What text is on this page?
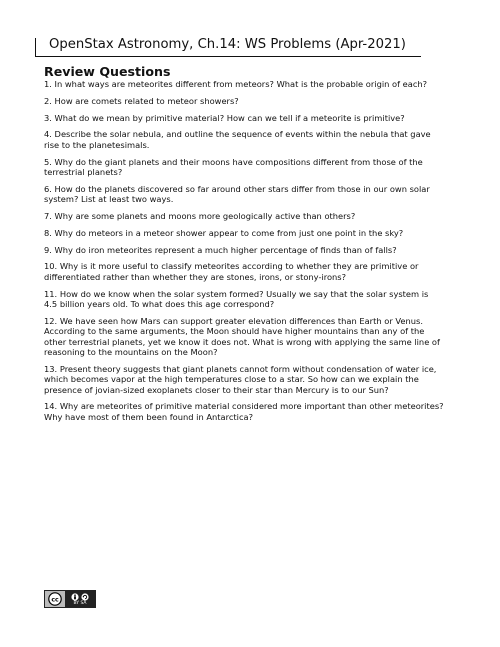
OpenStax Astronomy, Ch.14: WS Problems (Apr-2021)
Review Questions
1. In what ways are meteorites different from meteors? What is the probable origin of each?
2. How are comets related to meteor showers?
3. What do we mean by primitive material? How can we tell if a meteorite is primitive?
4. Describe the solar nebula, and outline the sequence of events within the nebula that gave rise to the planetesimals.
5. Why do the giant planets and their moons have compositions different from those of the terrestrial planets?
6. How do the planets discovered so far around other stars differ from those in our own solar system? List at least two ways.
7. Why are some planets and moons more geologically active than others?
8. Why do meteors in a meteor shower appear to come from just one point in the sky?
9. Why do iron meteorites represent a much higher percentage of finds than of falls?
10. Why is it more useful to classify meteorites according to whether they are primitive or differentiated rather than whether they are stones, irons, or stony-irons?
11. How do we know when the solar system formed? Usually we say that the solar system is 4.5 billion years old. To what does this age correspond?
12. We have seen how Mars can support greater elevation differences than Earth or Venus. According to the same arguments, the Moon should have higher mountains than any of the other terrestrial planets, yet we know it does not. What is wrong with applying the same line of reasoning to the mountains on the Moon?
13. Present theory suggests that giant planets cannot form without condensation of water ice, which becomes vapor at the high temperatures close to a star. So how can we explain the presence of jovian-sized exoplanets closer to their star than Mercury is to our Sun?
14. Why are meteorites of primitive material considered more important than other meteorites? Why have most of them been found in Antarctica?
cc	BY SA
